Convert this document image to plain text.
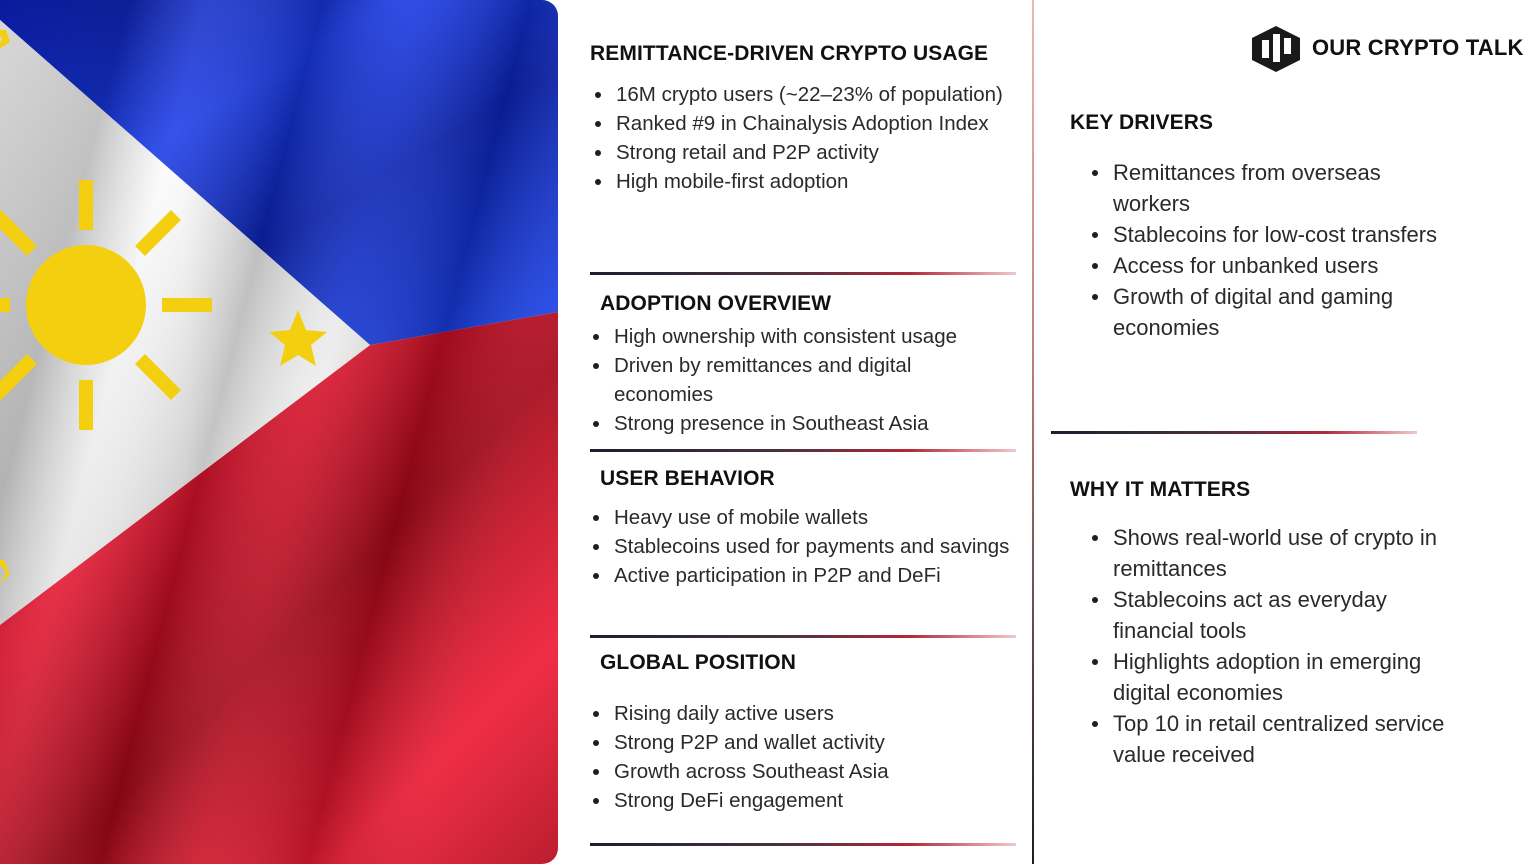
OUR CRYPTO TALK
REMITTANCE-DRIVEN CRYPTO USAGE
16M crypto users (~22–23% of population)
Ranked #9 in Chainalysis Adoption Index
Strong retail and P2P activity
High mobile-first adoption
ADOPTION OVERVIEW
High ownership with consistent usage
Driven by remittances and digital economies
Strong presence in Southeast Asia
USER BEHAVIOR
Heavy use of mobile wallets
Stablecoins used for payments and savings
Active participation in P2P and DeFi
GLOBAL POSITION
Rising daily active users
Strong P2P and wallet activity
Growth across Southeast Asia
Strong DeFi engagement
KEY DRIVERS
Remittances from overseas workers
Stablecoins for low-cost transfers
Access for unbanked users
Growth of digital and gaming economies
WHY IT MATTERS
Shows real-world use of crypto in remittances
Stablecoins act as everyday financial tools
Highlights adoption in emerging digital economies
Top 10 in retail centralized service value received
